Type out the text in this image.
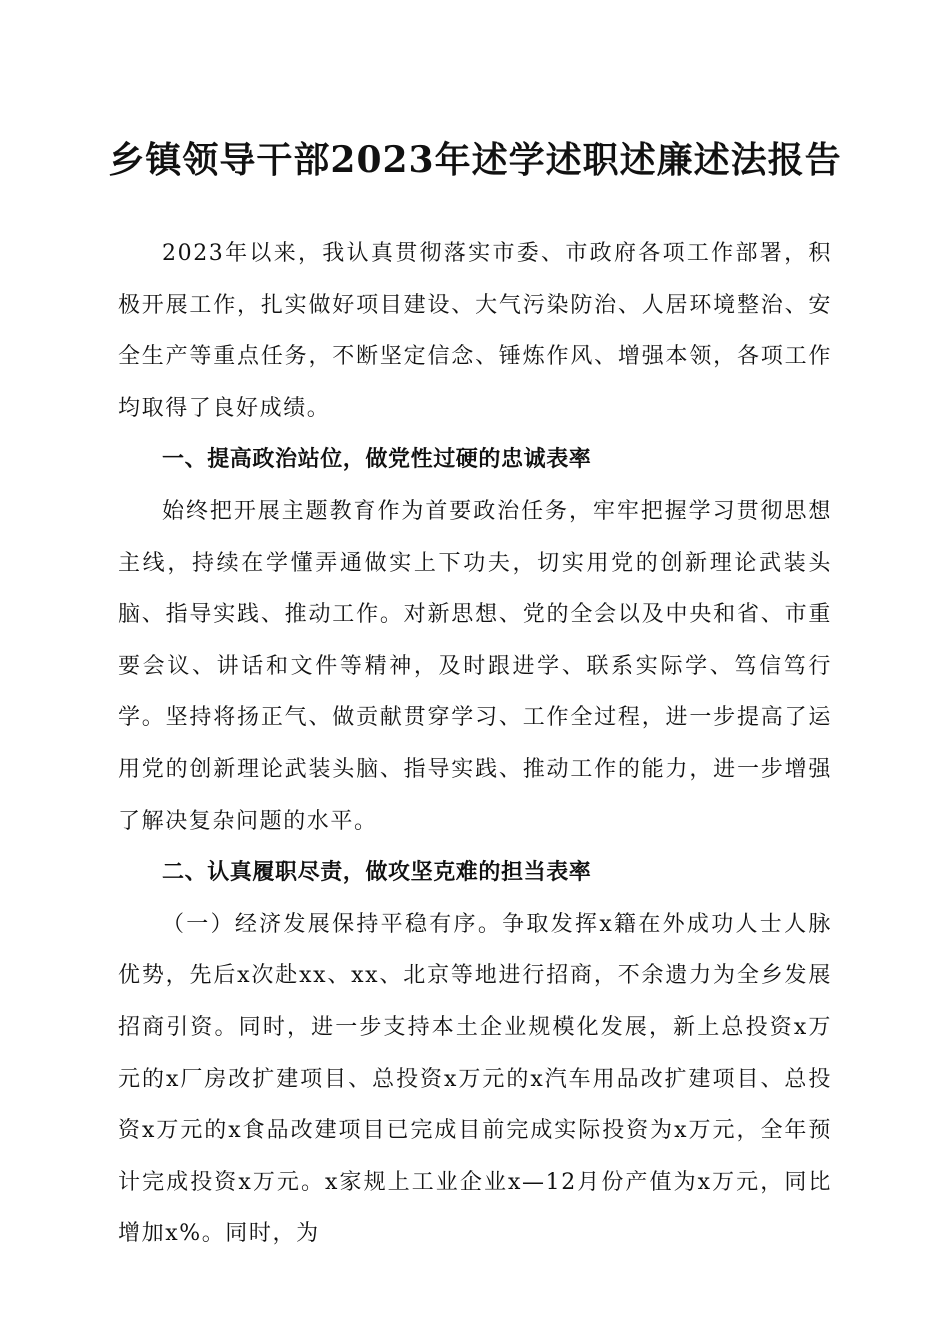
乡镇领导干部2023年述学述职述廉述法报告

2023年以来，我认真贯彻落实市委、市政府各项工作部署，积极开展工作，扎实做好项目建设、大气污染防治、人居环境整治、安全生产等重点任务，不断坚定信念、锤炼作风、增强本领，各项工作均取得了良好成绩。

一、提高政治站位，做党性过硬的忠诚表率

始终把开展主题教育作为首要政治任务，牢牢把握学习贯彻思想主线，持续在学懂弄通做实上下功夫，切实用党的创新理论武装头脑、指导实践、推动工作。对新思想、党的全会以及中央和省、市重要会议、讲话和文件等精神，及时跟进学、联系实际学、笃信笃行学。坚持将扬正气、做贡献贯穿学习、工作全过程，进一步提高了运用党的创新理论武装头脑、指导实践、推动工作的能力，进一步增强了解决复杂问题的水平。

二、认真履职尽责，做攻坚克难的担当表率

（一）经济发展保持平稳有序。争取发挥x籍在外成功人士人脉优势，先后x次赴xx、xx、北京等地进行招商，不余遗力为全乡发展招商引资。同时，进一步支持本土企业规模化发展，新上总投资x万元的x厂房改扩建项目、总投资x万元的x汽车用品改扩建项目、总投资x万元的x食品改建项目已完成目前完成实际投资为x万元，全年预计完成投资x万元。x家规上工业企业x—12月份产值为x万元，同比增加x%。同时，为
